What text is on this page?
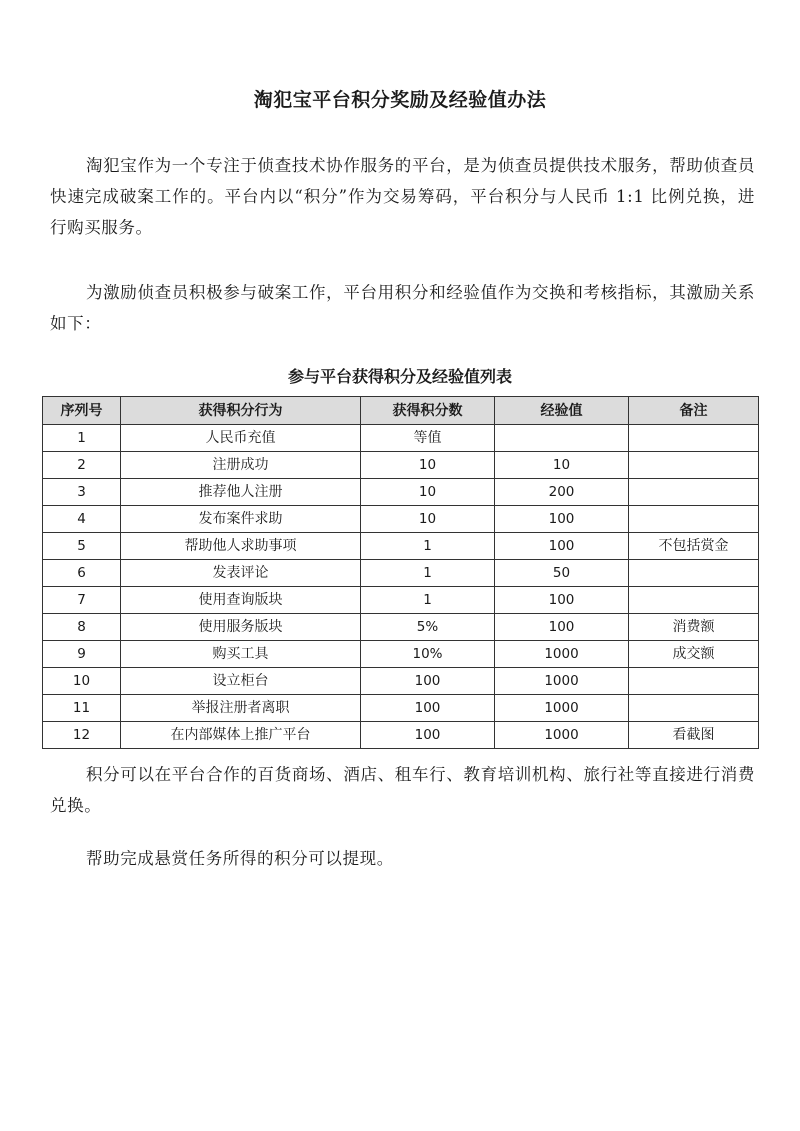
淘犯宝平台积分奖励及经验值办法

淘犯宝作为一个专注于侦查技术协作服务的平台，是为侦查员提供技术服务，帮助侦查员快速完成破案工作的。平台内以“积分”作为交易筹码，平台积分与人民币 1:1 比例兑换，进行购买服务。

为激励侦查员积极参与破案工作，平台用积分和经验值作为交换和考核指标，其激励关系如下：

参与平台获得积分及经验值列表
序列号	获得积分行为	获得积分数	经验值	备注
1	人民币充值	等值		
2	注册成功	10	10	
3	推荐他人注册	10	200	
4	发布案件求助	10	100	
5	帮助他人求助事项	1	100	不包括赏金
6	发表评论	1	50	
7	使用查询版块	1	100	
8	使用服务版块	5%	100	消费额
9	购买工具	10%	1000	成交额
10	设立柜台	100	1000	
11	举报注册者离职	100	1000	
12	在内部媒体上推广平台	100	1000	看截图

积分可以在平台合作的百货商场、酒店、租车行、教育培训机构、旅行社等直接进行消费兑换。

帮助完成悬赏任务所得的积分可以提现。
